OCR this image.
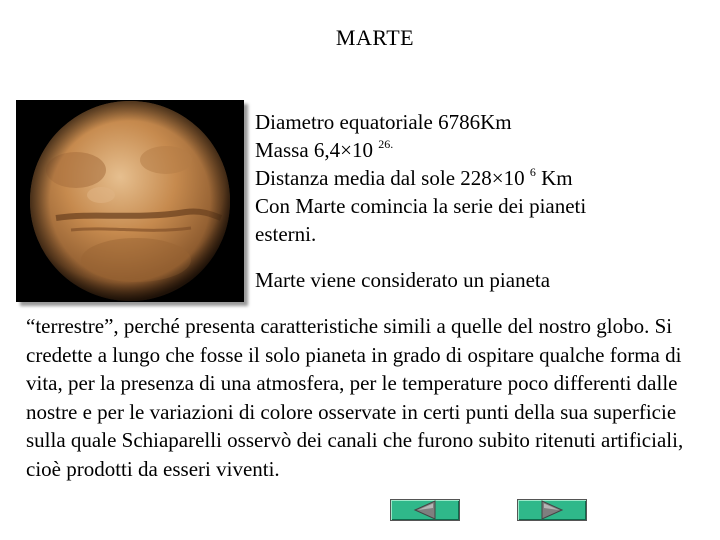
MARTE

Diametro equatoriale 6786Km
Massa 6,4×10 $^{26.}$
Distanza media dal sole 228×10 $^6$ Km
Con Marte comincia la serie dei pianeti
esterni.

Marte viene considerato un pianeta

“terrestre”, perché presenta caratteristiche simili a quelle del nostro globo. Si credette a lungo che fosse il solo pianeta in grado di ospitare qualche forma di vita, per la presenza di una atmosfera, per le temperature poco differenti dalle nostre e per le variazioni di colore osservate in certi punti della sua superficie sulla quale Schiaparelli osservò dei canali che furono subito ritenuti artificiali, cioè prodotti da esseri viventi.
